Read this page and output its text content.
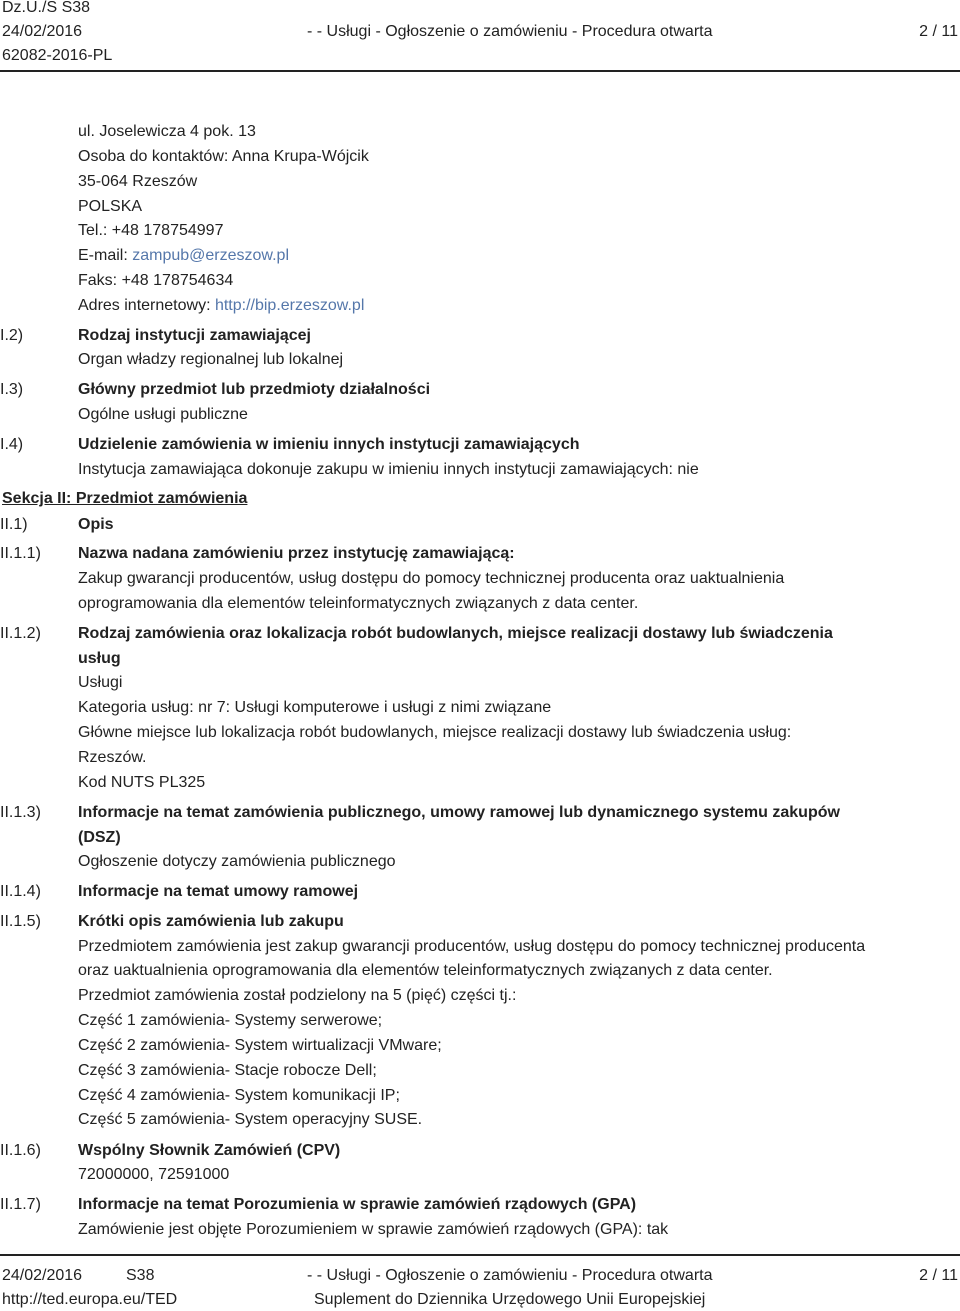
Dz.U./S S38
24/02/2016	- - Usługi - Ogłoszenie o zamówieniu - Procedura otwarta	2 / 11
62082-2016-PL
ul. Joselewicza 4 pok. 13
Osoba do kontaktów: Anna Krupa-Wójcik
35-064 Rzeszów
POLSKA
Tel.: +48 178754997
E-mail: zampub@erzeszow.pl
Faks: +48 178754634
Adres internetowy: http://bip.erzeszow.pl
I.2)	Rodzaj instytucji zamawiającej
Organ władzy regionalnej lub lokalnej
I.3)	Główny przedmiot lub przedmioty działalności
Ogólne usługi publiczne
I.4)	Udzielenie zamówienia w imieniu innych instytucji zamawiających
Instytucja zamawiająca dokonuje zakupu w imieniu innych instytucji zamawiających: nie
Sekcja II: Przedmiot zamówienia
II.1)	Opis
II.1.1) Nazwa nadana zamówieniu przez instytucję zamawiającą:
Zakup gwarancji producentów, usług dostępu do pomocy technicznej producenta oraz uaktualnienia
oprogramowania dla elementów teleinformatycznych związanych z data center.
II.1.2) Rodzaj zamówienia oraz lokalizacja robót budowlanych, miejsce realizacji dostawy lub świadczenia
usług
Usługi
Kategoria usług: nr 7: Usługi komputerowe i usługi z nimi związane
Główne miejsce lub lokalizacja robót budowlanych, miejsce realizacji dostawy lub świadczenia usług:
Rzeszów.
Kod NUTS PL325
II.1.3) Informacje na temat zamówienia publicznego, umowy ramowej lub dynamicznego systemu zakupów
(DSZ)
Ogłoszenie dotyczy zamówienia publicznego
II.1.4) Informacje na temat umowy ramowej
II.1.5) Krótki opis zamówienia lub zakupu
Przedmiotem zamówienia jest zakup gwarancji producentów, usług dostępu do pomocy technicznej producenta
oraz uaktualnienia oprogramowania dla elementów teleinformatycznych związanych z data center.
Przedmiot zamówienia został podzielony na 5 (pięć) części tj.:
Część 1 zamówienia- Systemy serwerowe;
Część 2 zamówienia- System wirtualizacji VMware;
Część 3 zamówienia- Stacje robocze Dell;
Część 4 zamówienia- System komunikacji IP;
Część 5 zamówienia- System operacyjny SUSE.
II.1.6) Wspólny Słownik Zamówień (CPV)
72000000, 72591000
II.1.7) Informacje na temat Porozumienia w sprawie zamówień rządowych (GPA)
Zamówienie jest objęte Porozumieniem w sprawie zamówień rządowych (GPA): tak
24/02/2016	S38	- - Usługi - Ogłoszenie o zamówieniu - Procedura otwarta	2 / 11
http://ted.europa.eu/TED	Suplement do Dziennika Urzędowego Unii Europejskiej
